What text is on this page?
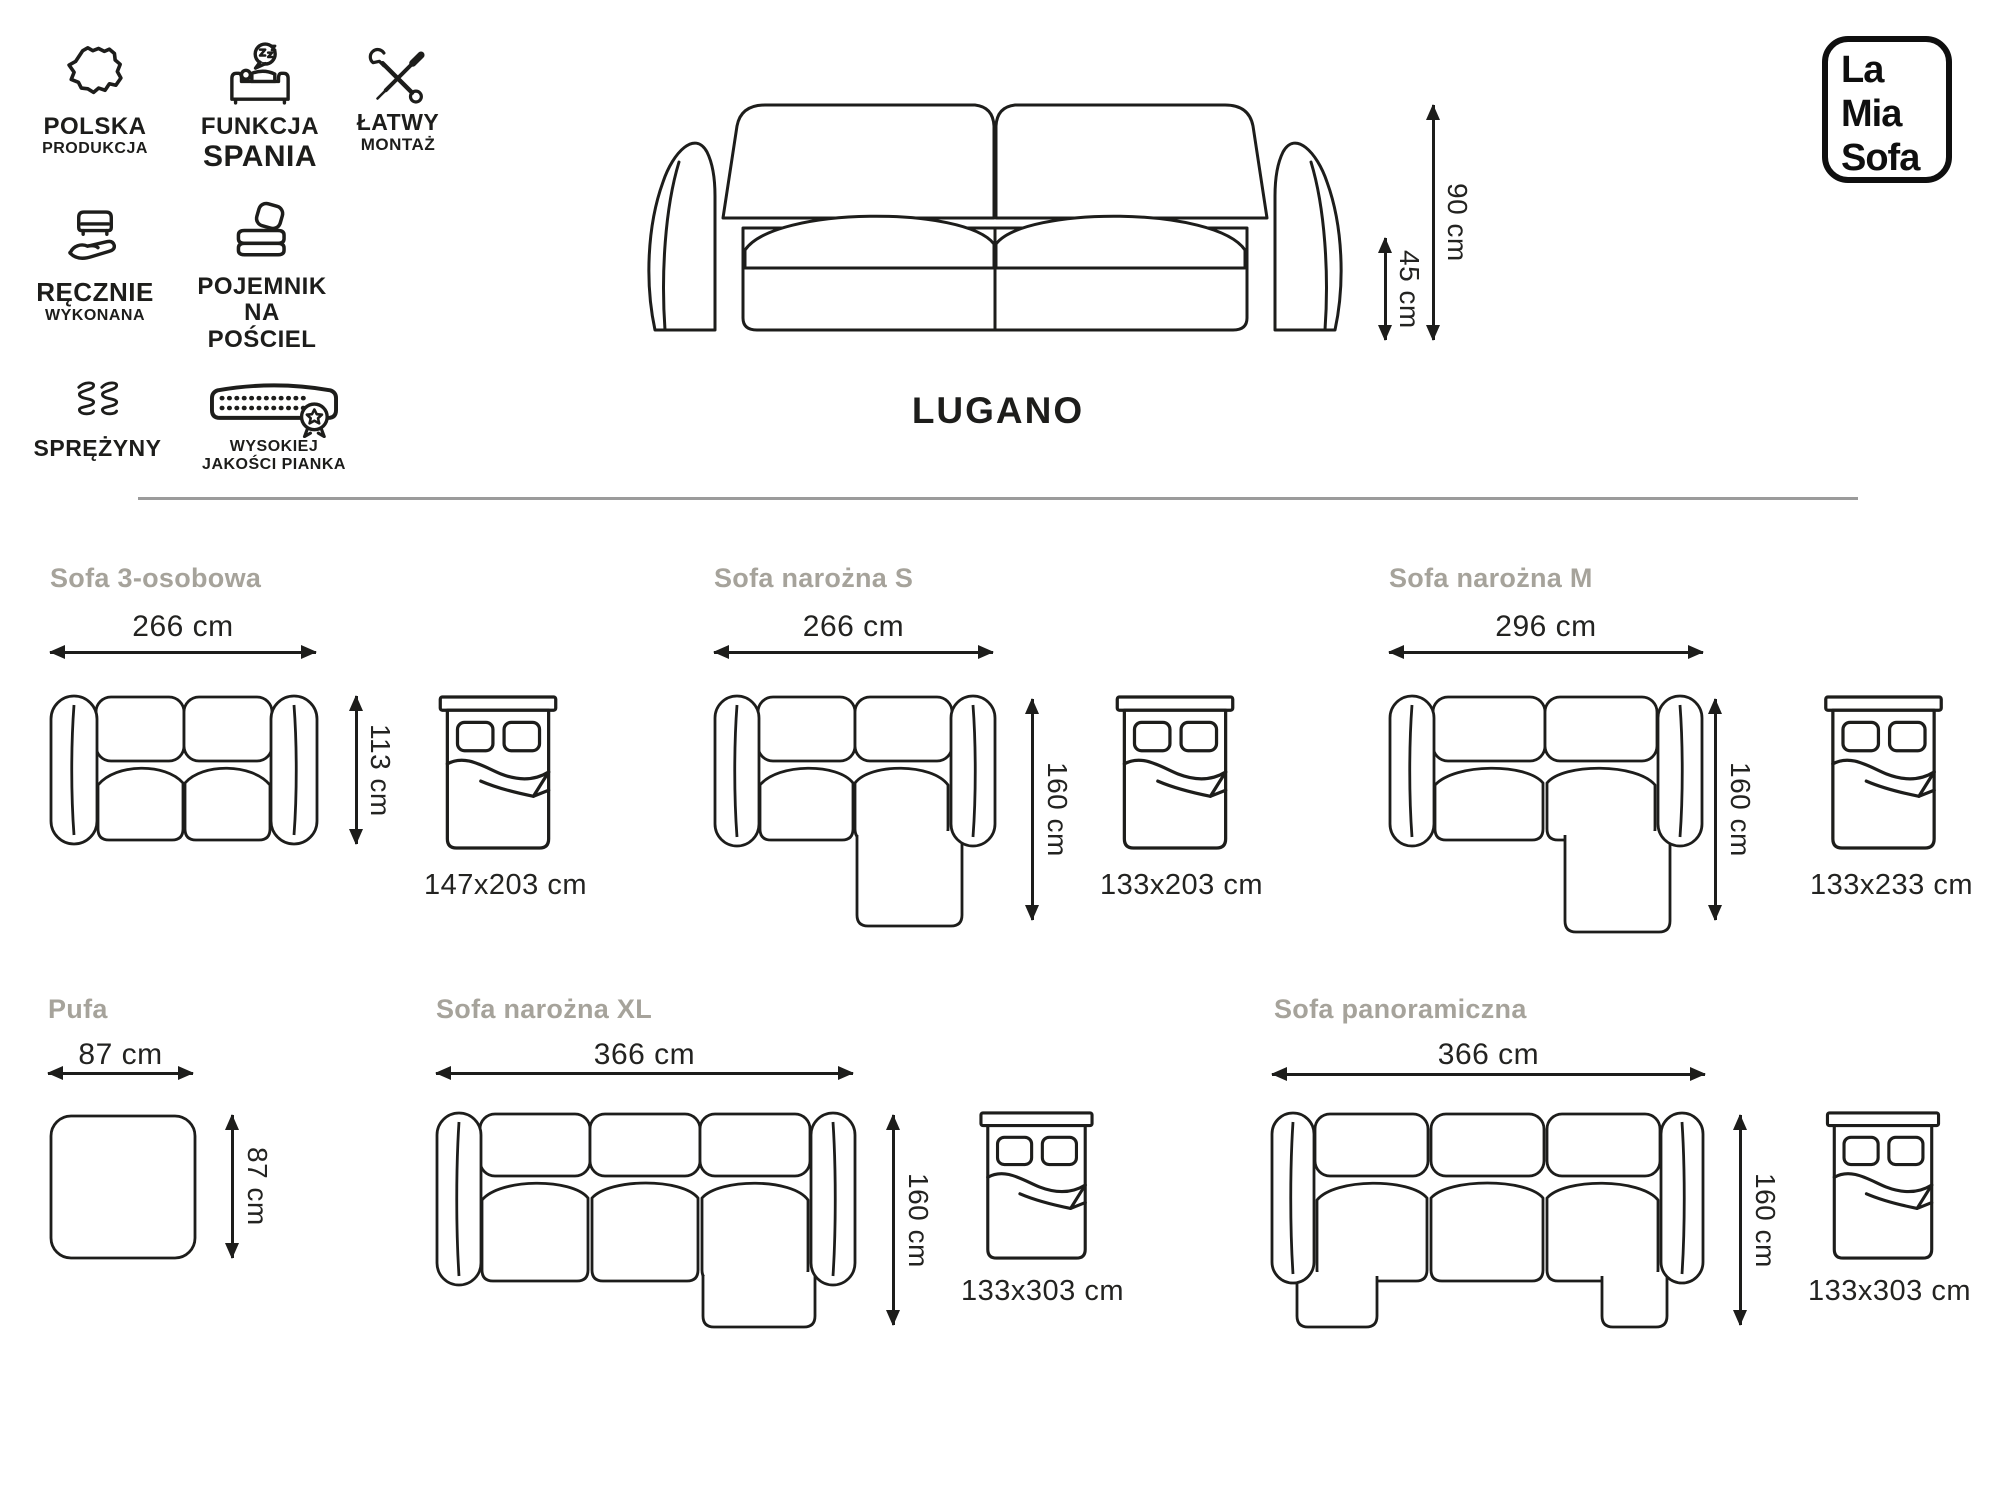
POLSKA
PRODUKCJA
FUNKCJA
SPANIA
ŁATWY
MONTAŻ
RĘCZNIE
WYKONANA
POJEMNIK
NA POŚCIEL
SPRĘŻYNY	WYSOKIEJ
JAKOŚCI PIANKA
45 cm
90 cm
LUGANO
La
Mia
Sofa
Sofa 3-osobowa
266 cm
113 cm
147x203 cm
Sofa narożna S
266 cm
160 cm
133x203 cm
Sofa narożna M
296 cm
160 cm
133x233 cm
Pufa
87 cm
87 cm
Sofa narożna XL
366 cm
160 cm
133x303 cm
Sofa panoramiczna
366 cm
160 cm
133x303 cm
